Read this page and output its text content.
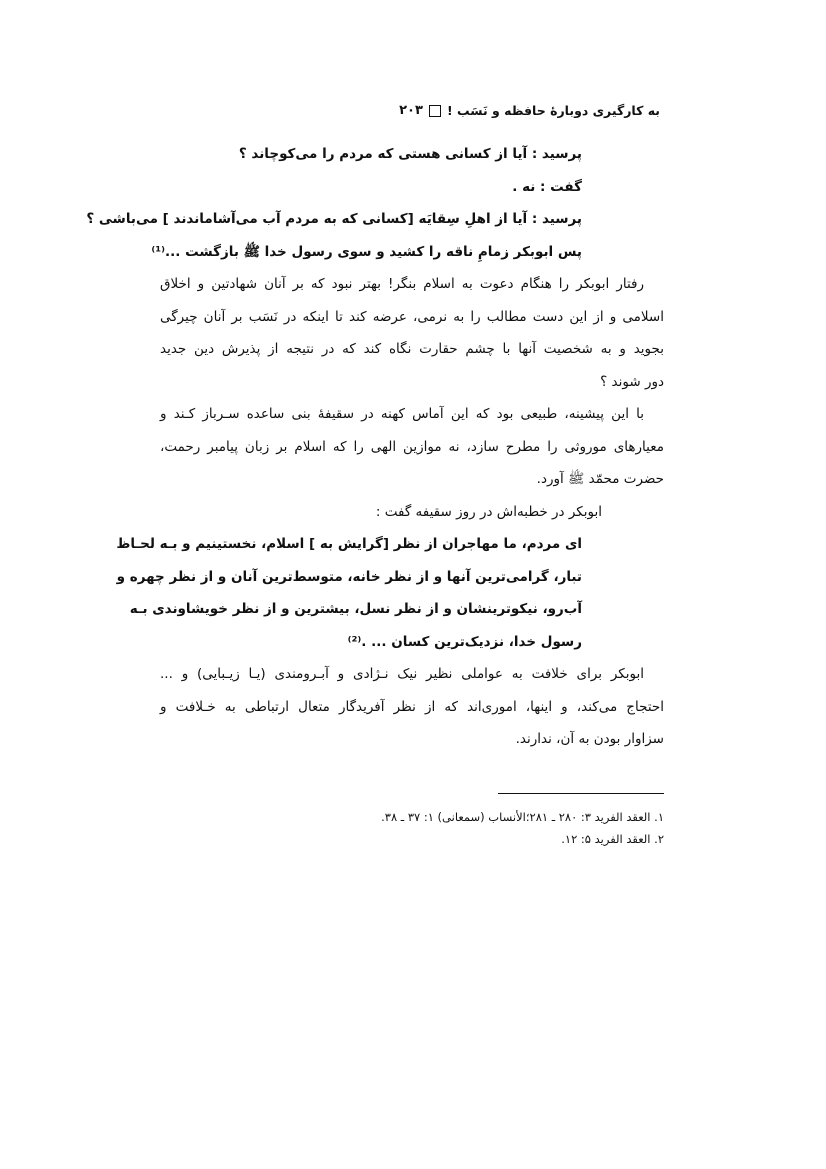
به کارگیری دوبارۀ حافظه و نَسَب !
۲۰۳
پرسید : آیا از کسانی هستی که مردم را می‌کوچاند ؟
گفت : نه .
پرسید : آیا از اهلِ سِقایَه [کسانی که به مردم آب می‌آشاماندند ] می‌باشی ؟
پس ابوبکر زمامِ ناقه را کشید و سوی رسول خدا ﷺ بازگشت ...⁽¹⁾
رفتار ابوبکر را هنگام دعوت به اسلام بنگر! بهتر نبود که بر آنان شهادتین و اخلاق
اسلامی و از این دست مطالب را به نرمی، عرضه کند تا اینکه در نَسَب بر آنان چیرگی
بجوید و به شخصیت آنها با چشم حقارت نگاه کند که در نتیجه از پذیرش دین جدید
دور شوند ؟
با این پیشینه، طبیعی بود که این آماس کهنه در سقیفۀ بنی ساعده سـرباز کـند و
معیارهای موروثی را مطرح سازد، نه موازین الهی را که اسلام بر زبان پیامبر رحمت،
حضرت محمّد ﷺ آورد.
ابوبکر در خطبه‌اش در روز سقیفه گفت :
ای مردم، ما مهاجران از نظر [گرایش به ] اسلام، نخستینیم و بـه لحـاظ
تبار، گرامی‌ترین آنها و از نظر خانه، متوسط‌ترین آنان و از نظر چهره و
آب‌رو، نیکوترینشان و از نظر نسل، بیشترین و از نظر خویشاوندی بـه
رسول خدا، نزدیک‌ترین کسان ... .⁽²⁾
ابوبکر برای خلافت به عواملی نظیر نیک نـژادی و آبـرومندی (یـا زیـبایی) و ...
احتجاج می‌کند، و اینها، اموری‌اند که از نظر آفریدگار متعال ارتباطی به خـلافت و
سزاوار بودن به آن، ندارند.
۱. العقد الفرید ۳: ۲۸۰ ـ ۲۸۱؛الأنساب (سمعانی) ۱: ۳۷ ـ ۳۸.
۲. العقد الفرید ۵: ۱۲.
